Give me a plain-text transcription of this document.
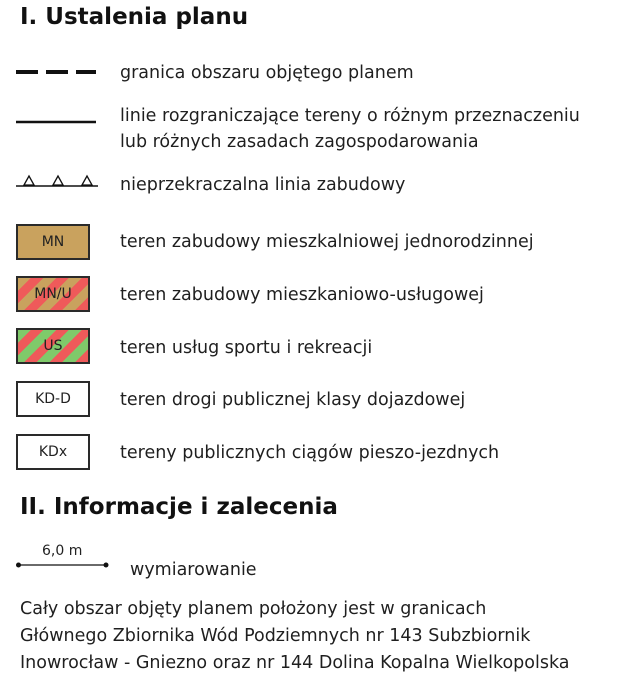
I. Ustalenia planu
granica obszaru objętego planem
linie rozgraniczające tereny o różnym przeznaczeniu
lub różnych zasadach zagospodarowania
nieprzekraczalna linia zabudowy
MN	teren zabudowy mieszkalniowej jednorodzinnej
MN/U	teren zabudowy mieszkaniowo-usługowej
US	teren usług sportu i rekreacji
KD-D	teren drogi publicznej klasy dojazdowej
KDx	tereny publicznych ciągów pieszo-jezdnych
II. Informacje i zalecenia
6,0 m
wymiarowanie
Cały obszar objęty planem położony jest w granicach
Głównego Zbiornika Wód Podziemnych nr 143 Subzbiornik
Inowrocław - Gniezno oraz nr 144 Dolina Kopalna Wielkopolska
